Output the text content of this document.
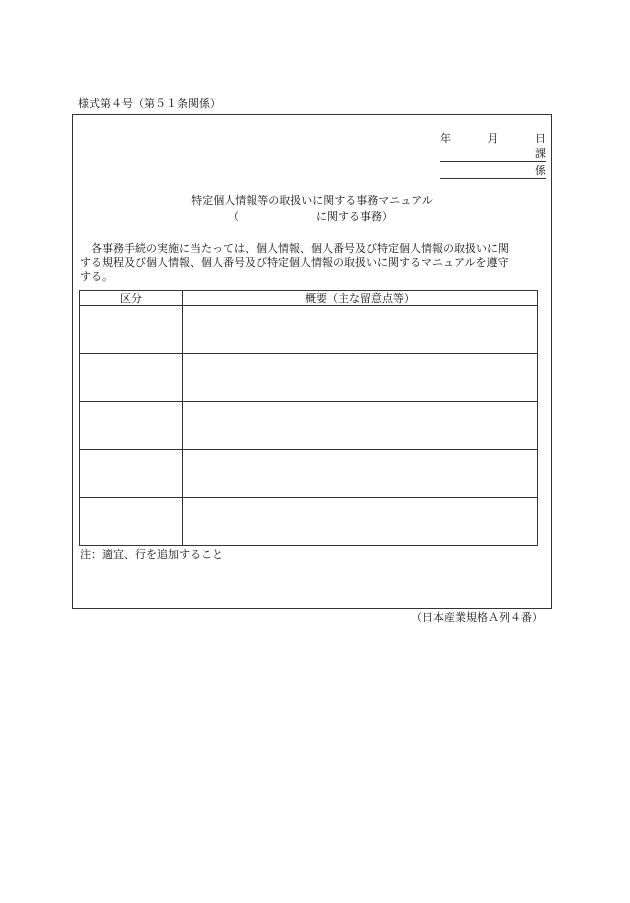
様式第４号（第５１条関係）
年	月	日
課
係
特定個人情報等の取扱いに関する事務マニュアル
（	に関する事務）
　各事務手続の実施に当たっては、個人情報、個人番号及び特定個人情報の取扱いに関
する規程及び個人情報、個人番号及び特定個人情報の取扱いに関するマニュアルを遵守
する。
区分	概要（主な留意点等）

注：適宜、行を追加すること
（日本産業規格Ａ列４番）
